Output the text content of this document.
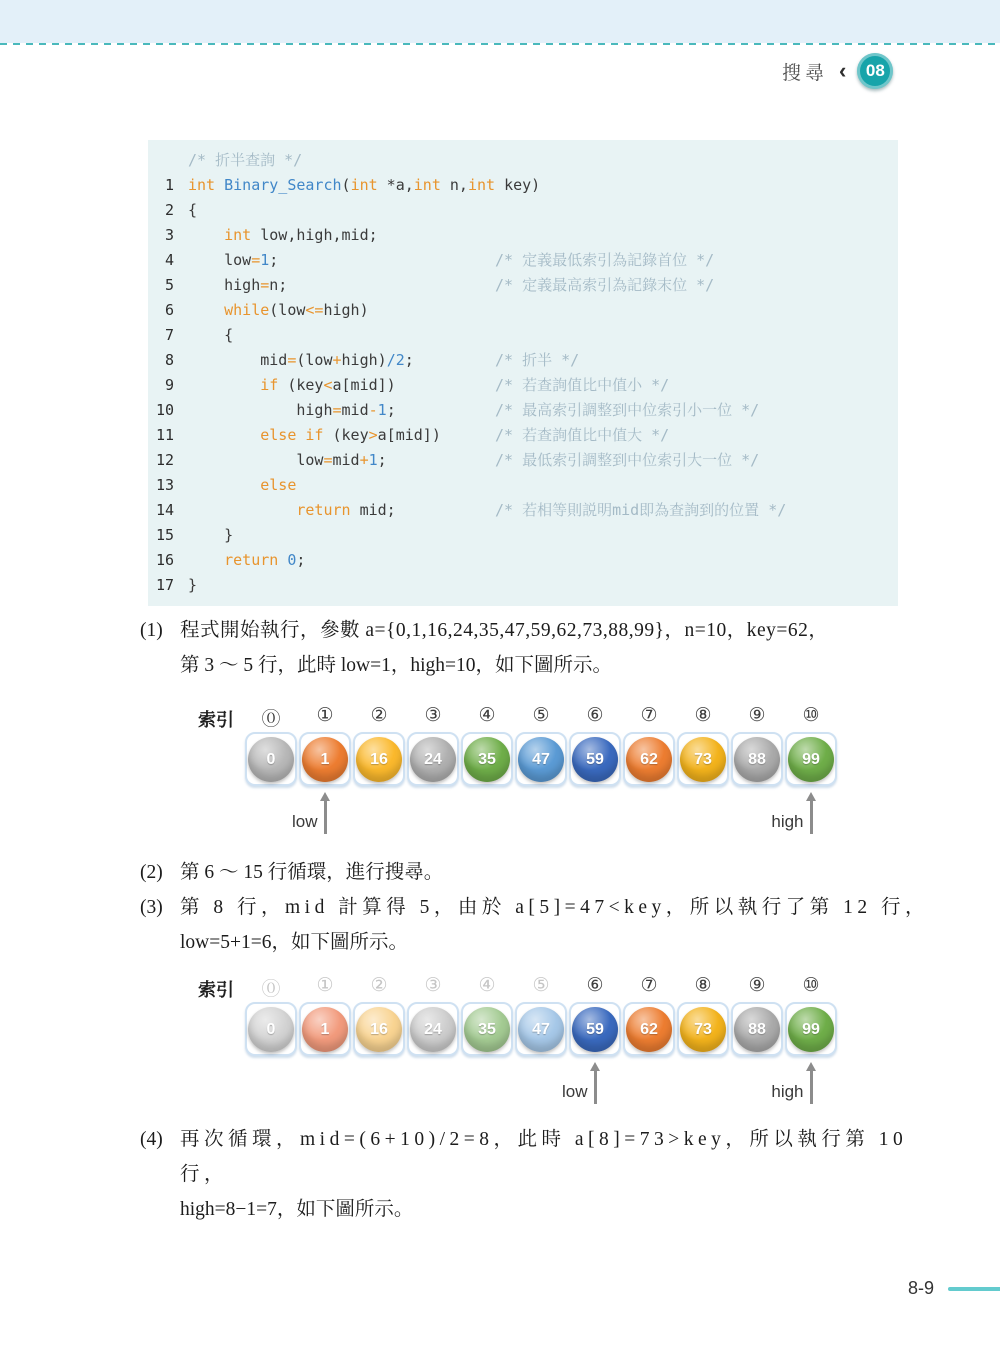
搜尋 ‹ 08
/* 折半查詢 */
1 int Binary_Search(int *a,int n,int key)
2 {
3	int low,high,mid;
4    low=1;	/* 定義最低索引為記錄首位 */
5    high=n;	/* 定義最高索引為記錄末位 */
6	while(low<=high)
7    {
8        mid=(low+high)/2;	/* 折半 */
9	if (key<a[mid])	/* 若查詢值比中值小 */
10            high=mid-1;	/* 最高索引調整到中位索引小一位 */
11	else if (key>a[mid])	/* 若查詢值比中值大 */
12            low=mid+1;	/* 最低索引調整到中位索引大一位 */
13	else
14	return mid;	/* 若相等則説明mid即為查詢到的位置 */
15    }
16	return 0;
17 }
(1) 程式開始執行，參數 a={0,1,16,24,35,47,59,62,73,88,99}，n=10，key=62，
第 3 ～ 5 行，此時 low=1，high=10，如下圖所示。
索引	⓪	①	②	③	④	⑤	⑥	⑦	⑧	⑨	⑩
0	1	16 24 35 47 59 62 73 88 99
low	high
(2) 第 6 ～ 15 行循環，進行搜尋。
(3) 第 8 行，mid 計算得 5，由於 a[5]=47<key，所以執行了第 12 行，
low=5+1=6，如下圖所示。
索引	⓪	①	②	③	④	⑤	⑥	⑦	⑧	⑨	⑩
0	1	16 24 35 47 59 62 73 88 99
low	high
(4) 再次循環，mid=(6+10)/2=8，此時 a[8]=73>key，所以執行第 10 行，
high=8−1=7，如下圖所示。
8-9
